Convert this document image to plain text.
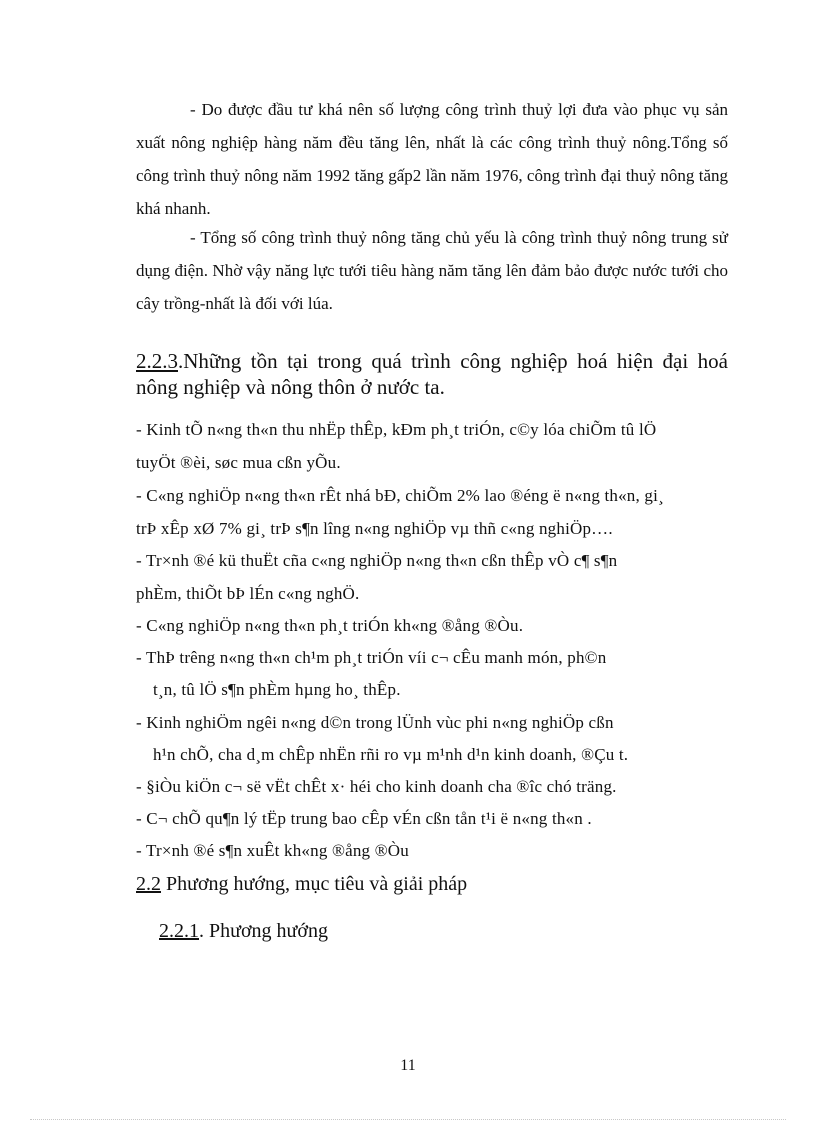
- Do được đầu tư khá nên số lượng công trình thuỷ lợi đưa vào phục vụ sản xuất nông nghiệp hàng năm đều tăng lên, nhất là các công trình thuỷ nông.Tổng số công trình thuỷ nông năm 1992 tăng gấp2 lần năm 1976, công trình đại thuỷ nông tăng khá nhanh.

- Tổng số công trình thuỷ nông tăng chủ yếu là công trình thuỷ nông trung sử dụng điện. Nhờ vậy năng lực tưới tiêu hàng năm tăng lên đảm bảo được nước tưới cho cây trồng-nhất là đối với lúa.

2.2.3.Những tồn tại trong quá trình công nghiệp hoá hiện đại hoá nông nghiệp và nông thôn ở nước ta.

- Kinh tÕ n«ng th«n thu nhËp thÊp, kÐm ph¸t triÓn, c©y lóa chiÕm tû lÖ

tuyÖt ®èi, søc mua cßn yÕu.

- C«ng nghiÖp n«ng th«n rÊt nhá bÐ, chiÕm 2% lao ®éng ë n«ng th«n, gi¸

trÞ xÊp xØ 7% gi¸ trÞ s¶n lîng n«ng nghiÖp vµ thñ c«ng nghiÖp….

- Tr×nh ®é kü thuËt cña c«ng nghiÖp n«ng th«n cßn thÊp vÒ c¶ s¶n

phÈm, thiÕt bÞ lÉn c«ng nghÖ.

- C«ng nghiÖp n«ng th«n ph¸t triÓn kh«ng ®ång ®Òu.

- ThÞ trêng n«ng th«n ch¹m ph¸t triÓn víi c¬ cÊu manh món, ph©n

t¸n, tû lÖ s¶n phÈm hµng ho¸ thÊp.

- Kinh nghiÖm ngêi n«ng d©n trong lÜnh vùc phi n«ng nghiÖp cßn

h¹n chÕ, cha d¸m chÊp nhËn rñi ro vµ m¹nh d¹n kinh doanh, ®Çu t.

- §iÒu kiÖn c¬ së vËt chÊt x· héi cho kinh doanh cha ®îc chó träng.

- C¬ chÕ qu¶n lý tËp trung bao cÊp vÉn cßn tån t¹i ë n«ng th«n .

- Tr×nh ®é s¶n xuÊt kh«ng ®ång ®Òu

2.2 Phương hướng, mục tiêu và giải pháp

2.2.1. Phương hướng

11
